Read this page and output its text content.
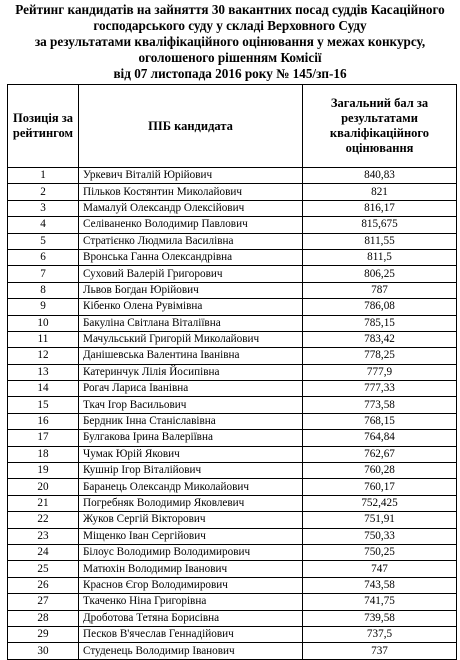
Рейтинг кандидатів на зайняття 30 вакантних посад суддів Касаційного
господарського суду у складі Верховного Суду
за результатами кваліфікаційного оцінювання у межах конкурсу,
оголошеного рішенням Комісії
від 07 листопада 2016 року № 145/зп-16
Позиція за рейтингом	ПІБ кандидата	Загальний бал за результатами кваліфікаційного оцінювання
1	Уркевич Віталій Юрійович	840,83
2	Пільков Костянтин Миколайович	821
3	Мамалуй Олександр Олексійович	816,17
4	Селіваненко Володимир Павлович	815,675
5	Стратієнко Людмила Василівна	811,55
6	Вронська Ганна Олександрівна	811,5
7	Суховий Валерій Григорович	806,25
8	Львов Богдан Юрійович	787
9	Кібенко Олена Рувімівна	786,08
10	Бакуліна Світлана Віталіївна	785,15
11	Мачульський Григорій Миколайович	783,42
12	Данішевська Валентина Іванівна	778,25
13	Катеринчук Лілія Йосипівна	777,9
14	Рогач Лариса Іванівна	777,33
15	Ткач Ігор Васильович	773,58
16	Бердник Інна Станіславівна	768,15
17	Булгакова Ірина Валеріївна	764,84
18	Чумак Юрій Якович	762,67
19	Кушнір Ігор Віталійович	760,28
20	Баранець Олександр Миколайович	760,17
21	Погребняк Володимир Яковлевич	752,425
22	Жуков Сергій Вікторович	751,91
23	Міщенко Іван Сергійович	750,33
24	Білоус Володимир Володимирович	750,25
25	Матюхін Володимир Іванович	747
26	Краснов Єгор Володимирович	743,58
27	Ткаченко Ніна Григорівна	741,75
28	Дроботова Тетяна Борисівна	739,58
29	Песков В'ячеслав Геннадійович	737,5
30	Студенець Володимир Іванович	737
